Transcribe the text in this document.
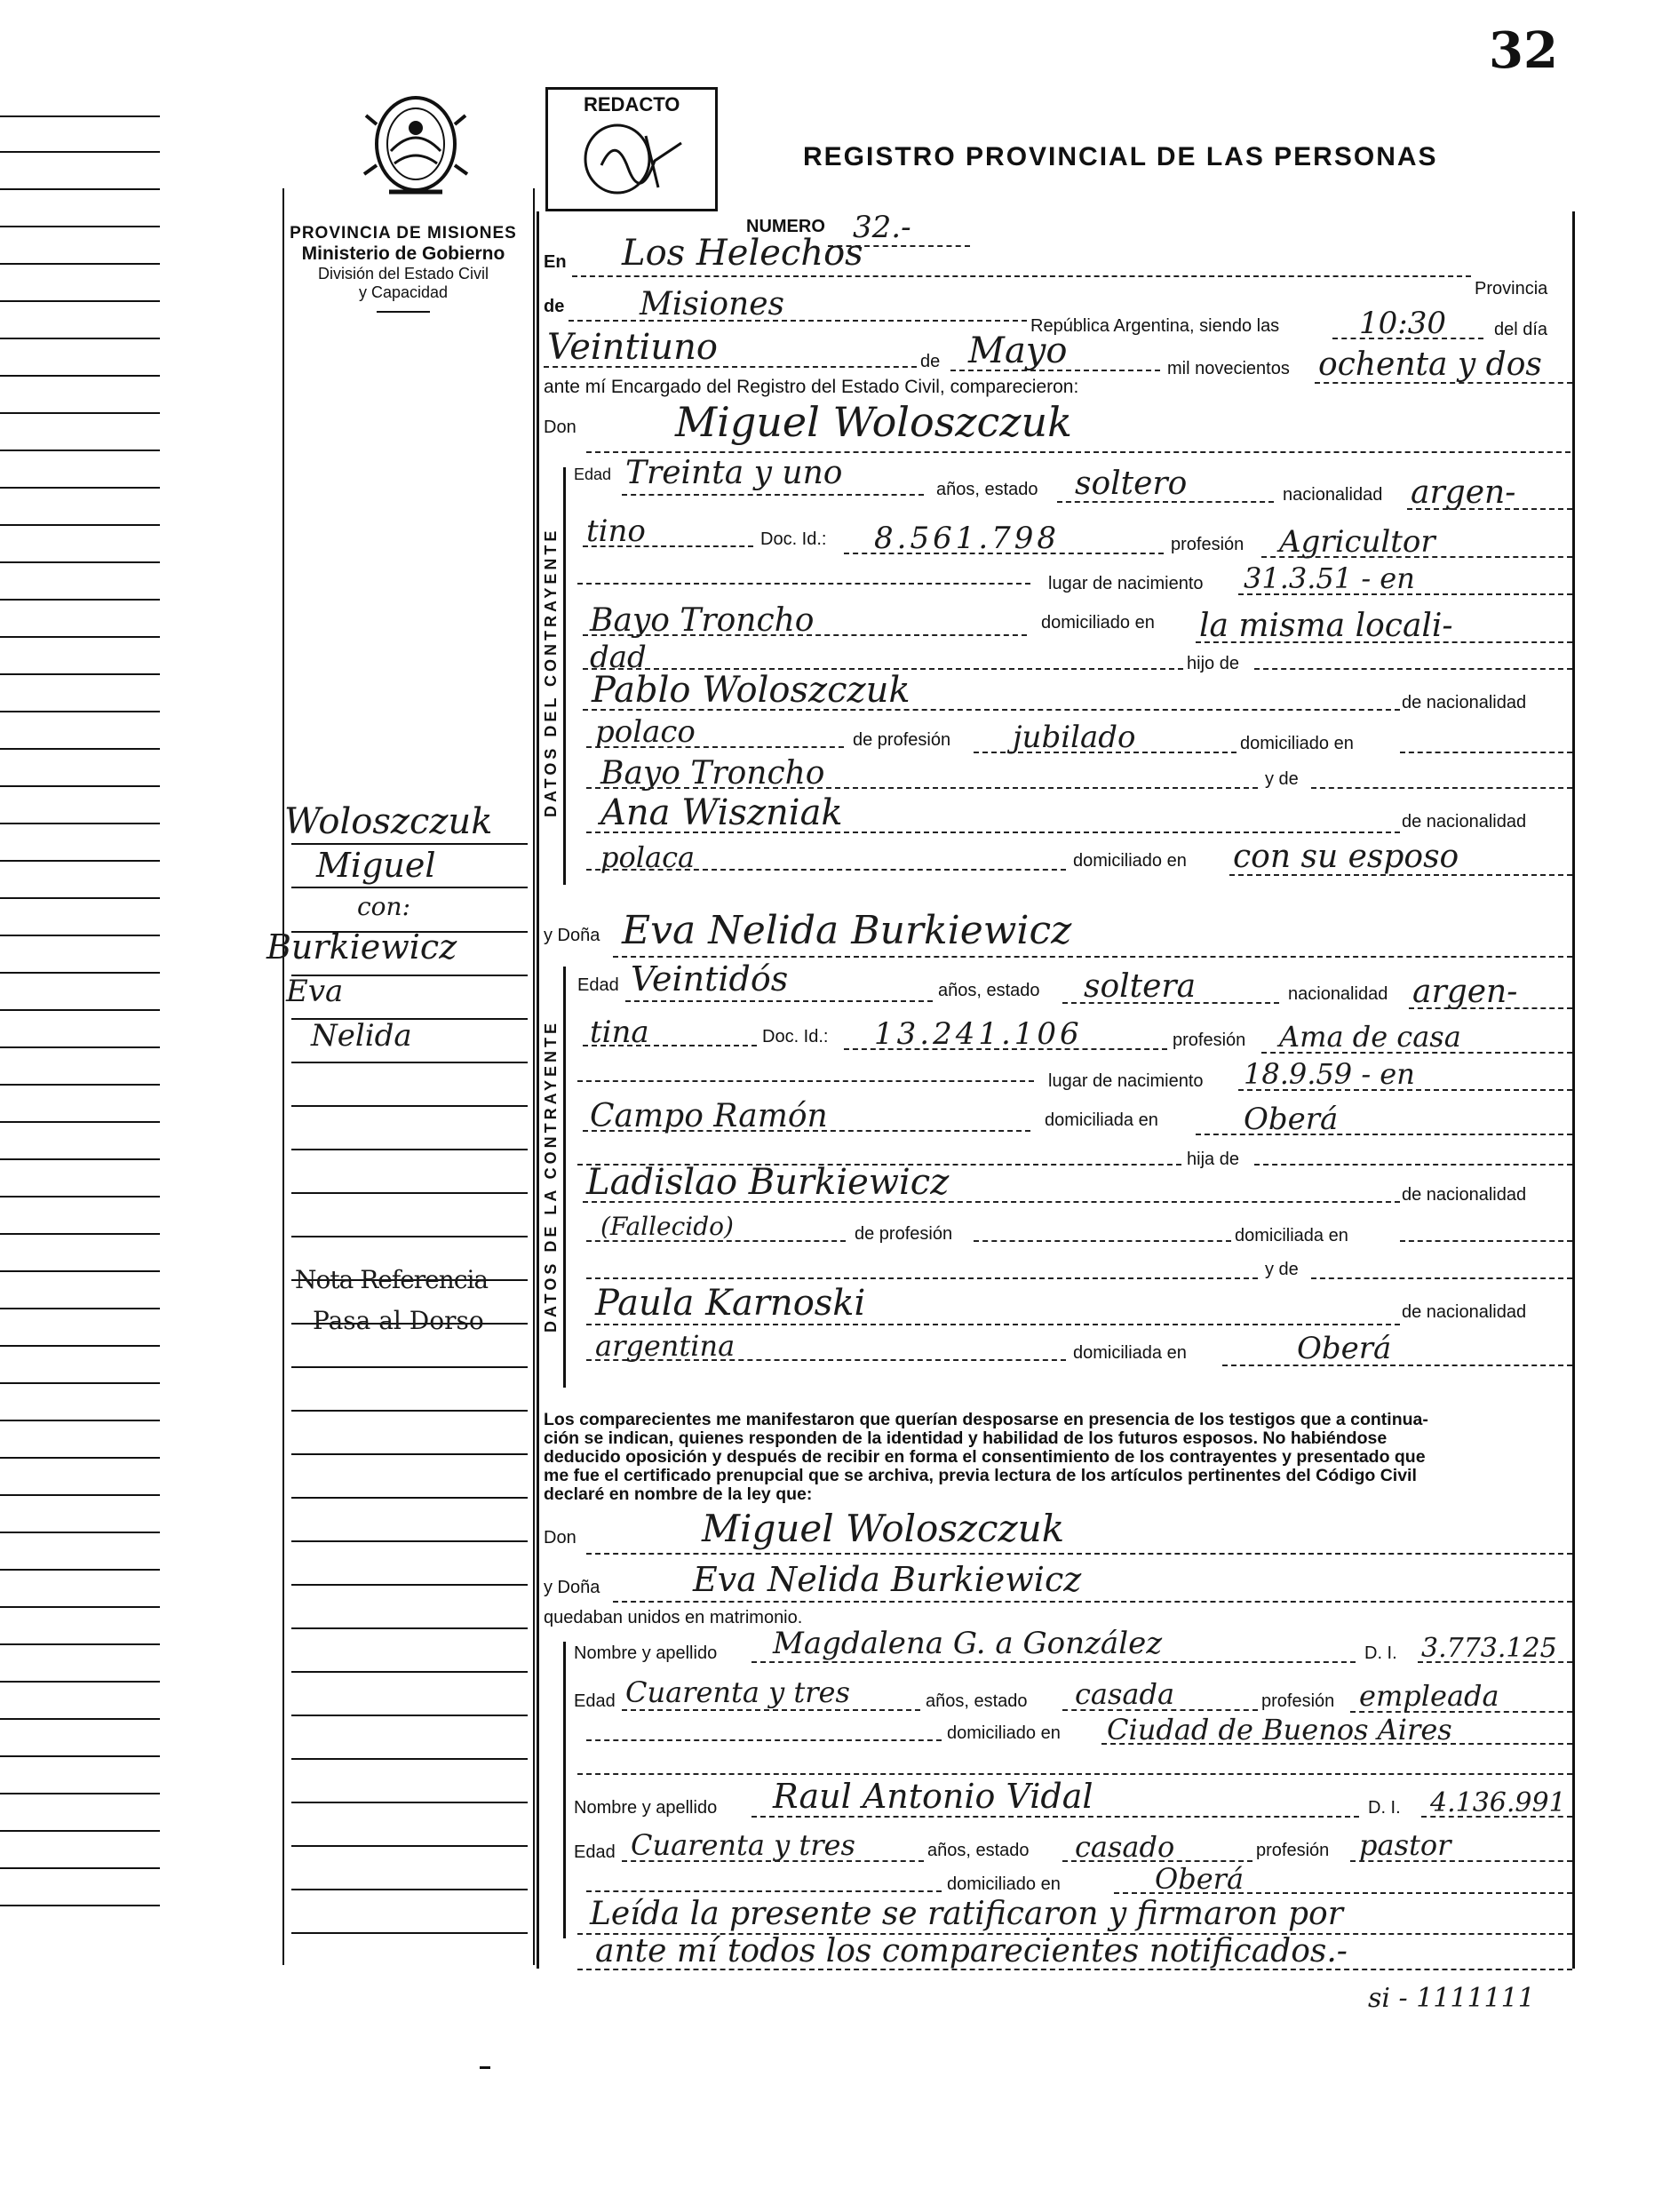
32
Woloszczuk
Miguel
con:
Burkiewicz
Eva
Nelida
Nota Referencia
Pasa al Dorso
REDACTO
REGISTRO PROVINCIAL DE LAS PERSONAS
PROVINCIA DE MISIONES
Ministerio de Gobierno
División del Estado Civil
y Capacidad
DATOS DEL CONTRAYENTE
DATOS DE LA CONTRAYENTE
NUMERO 32.-
En Los Helechos
Provincia
de Misiones
República Argentina, siendo las	10:30	del día
Veintiuno	de Mayo	mil novecientos ochenta y dos
ante mí Encargado del Registro del Estado Civil, comparecieron:
Don Miguel Woloszczuk
Edad Treinta y uno	años, estado soltero	nacionalidad argen-
tino	Doc. Id.: 8.561.798	profesión Agricultor
lugar de nacimiento 31.3.51 - en
Bayo Troncho	domiciliado en la misma locali-
dad	hijo de
Pablo Woloszczuk	de nacionalidad
polaco	de profesión jubilado	domiciliado en
Bayo Troncho	y de
Ana Wiszniak	de nacionalidad
polaca	domiciliado en con su esposo
y Doña Eva Nelida Burkiewicz
Edad Veintidós	años, estado soltera	nacionalidad argen-
tina	Doc. Id.: 13.241.106	profesión Ama de casa
lugar de nacimiento 18.9.59 - en
Campo Ramón	domiciliada en	Oberá
hija de
Ladislao Burkiewicz	de nacionalidad
(Fallecido)	de profesión	domiciliada en
y de
Paula Karnoski	de nacionalidad
argentina	domiciliada en	Oberá
Los comparecientes me manifestaron que querían desposarse en presencia de los testigos que a continua-
ción se indican, quienes responden de la identidad y habilidad de los futuros esposos. No habiéndose
deducido oposición y después de recibir en forma el consentimiento de los contrayentes y presentado que
me fue el certificado prenupcial que se archiva, previa lectura de los artículos pertinentes del Código Civil
declaré en nombre de la ley que:
Don	Miguel Woloszczuk
y Doña	Eva Nelida Burkiewicz
quedaban unidos en matrimonio.
Nombre y apellido Magdalena G. a González	D. I. 3.773.125
Edad Cuarenta y tres	años, estado casada	profesión empleada
domiciliado en Ciudad de Buenos Aires
Nombre y apellido Raul Antonio Vidal	D. I. 4.136.991
Edad Cuarenta y tres	años, estado casado	profesión pastor
domiciliado en	Oberá
Leída la presente se ratificaron y firmaron por
ante mí todos los comparecientes notificados.-
si - 1111111
